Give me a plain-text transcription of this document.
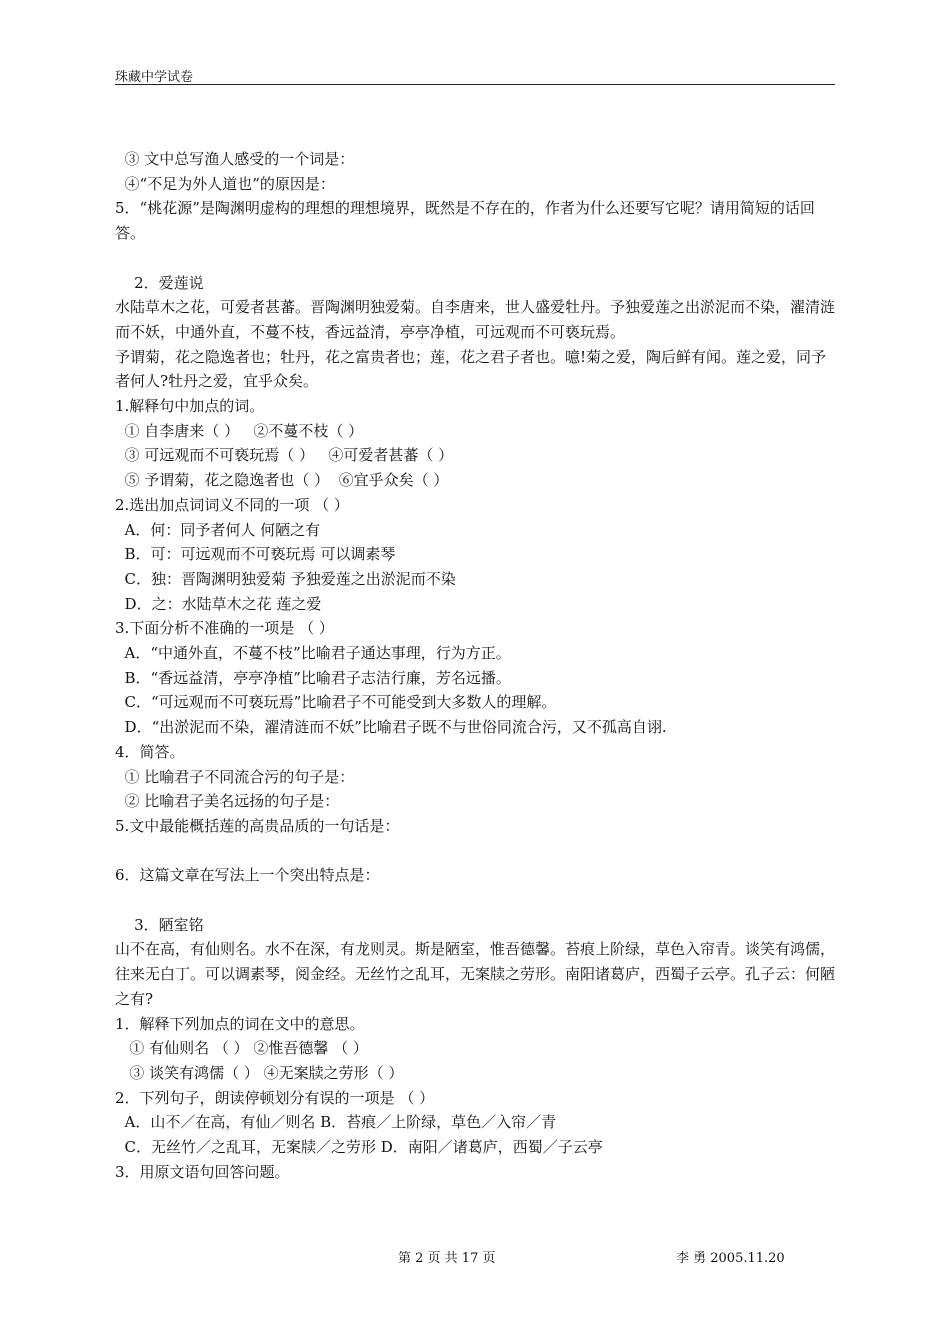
珠藏中学试卷
③ 文中总写渔人感受的一个词是：
④“不足为外人道也”的原因是：
5．“桃花源”是陶渊明虚构的理想的理想境界，既然是不存在的，作者为什么还要写它呢？请用简短的话回答。
2．爱莲说
水陆草木之花，可爱者甚蕃。晋陶渊明独爱菊。自李唐来，世人盛爱牡丹。予独爱莲之出淤泥而不染，濯清涟而不妖，中通外直，不蔓不枝，香远益清，亭亭净植，可远观而不可亵玩焉。
予谓菊，花之隐逸者也；牡丹，花之富贵者也；莲，花之君子者也。噫!菊之爱，陶后鲜有闻。莲之爱，同予者何人?牡丹之爱，宜乎众矣。
1.解释句中加点的词。
① 自李唐来（ ）   ②不蔓不枝（ ）
③ 可远观而不可亵玩焉（ ）   ④可爱者甚蕃（ ）
⑤ 予谓菊，花之隐逸者也（ ）  ⑥宜乎众矣（ ）
2.选出加点词词义不同的一项 （ ）
A．何：同予者何人 何陋之有
B．可：可远观而不可亵玩焉 可以调素琴
C．独：晋陶渊明独爱菊 予独爱莲之出淤泥而不染
D．之：水陆草木之花 莲之爱
3.下面分析不准确的一项是 （ ）
A．“中通外直，不蔓不枝”比喻君子通达事理，行为方正。
B．“香远益清，亭亭净植”比喻君子志洁行廉，芳名远播。
C．“可远观而不可亵玩焉”比喻君子不可能受到大多数人的理解。
D．“出淤泥而不染，濯清涟而不妖”比喻君子既不与世俗同流合污，又不孤高自诩.
4．简答。
① 比喻君子不同流合污的句子是：
② 比喻君子美名远扬的句子是：
5.文中最能概括莲的高贵品质的一句话是：
6．这篇文章在写法上一个突出特点是：
3．陋室铭
山不在高，有仙则名。水不在深，有龙则灵。斯是陋室，惟吾德馨。苔痕上阶绿，草色入帘青。谈笑有鸿儒，往来无白丁。可以调素琴，阅金经。无丝竹之乱耳，无案牍之劳形。南阳诸葛庐，西蜀子云亭。孔子云：何陋之有?
1．解释下列加点的词在文中的意思。
① 有仙则名 （ ） ②惟吾德馨 （ ）
③ 谈笑有鸿儒（ ） ④无案牍之劳形（ ）
2．下列句子，朗读停顿划分有误的一项是 （ ）
A．山不／在高，有仙／则名 B．苔痕／上阶绿，草色／入帘／青
C．无丝竹／之乱耳，无案牍／之劳形 D．南阳／诸葛庐，西蜀／子云亭
3．用原文语句回答问题。
第 2 页 共 17 页	李 勇 2005.11.20
